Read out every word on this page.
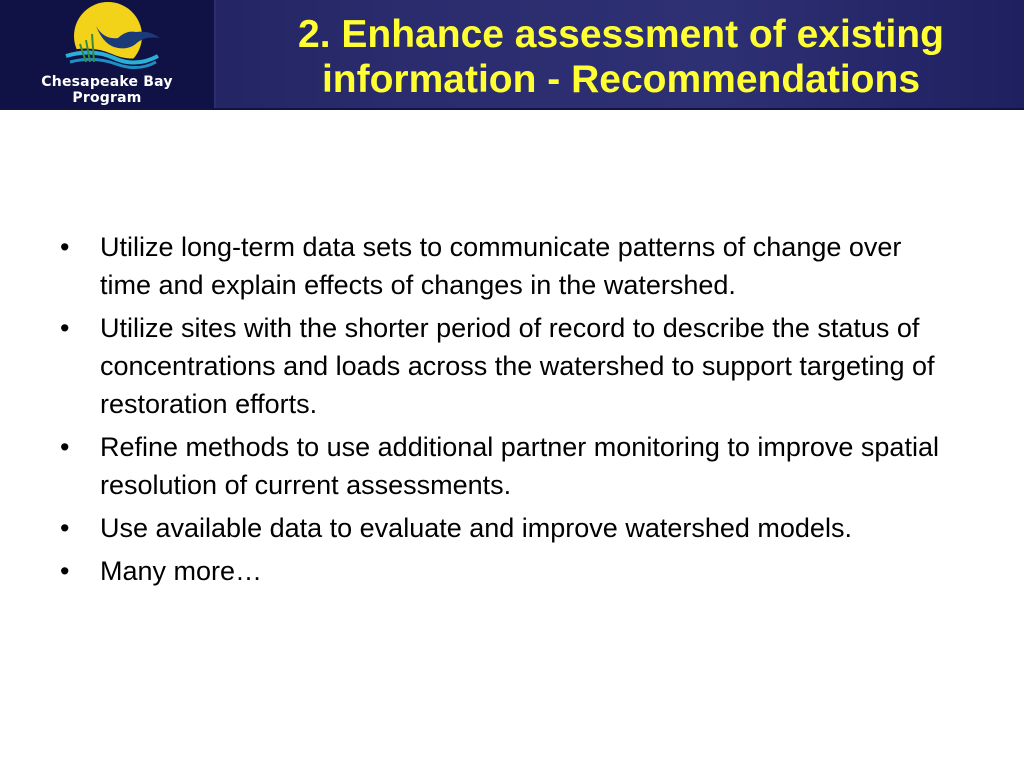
Chesapeake Bay
Program
2. Enhance assessment of existing
information - Recommendations
• Utilize long-term data sets to communicate patterns of change over time and explain effects of changes in the watershed.
• Utilize sites with the shorter period of record to describe the status of concentrations and loads across the watershed to support targeting of restoration efforts.
• Refine methods to use additional partner monitoring to improve spatial resolution of current assessments.
• Use available data to evaluate and improve watershed models.
• Many more…
